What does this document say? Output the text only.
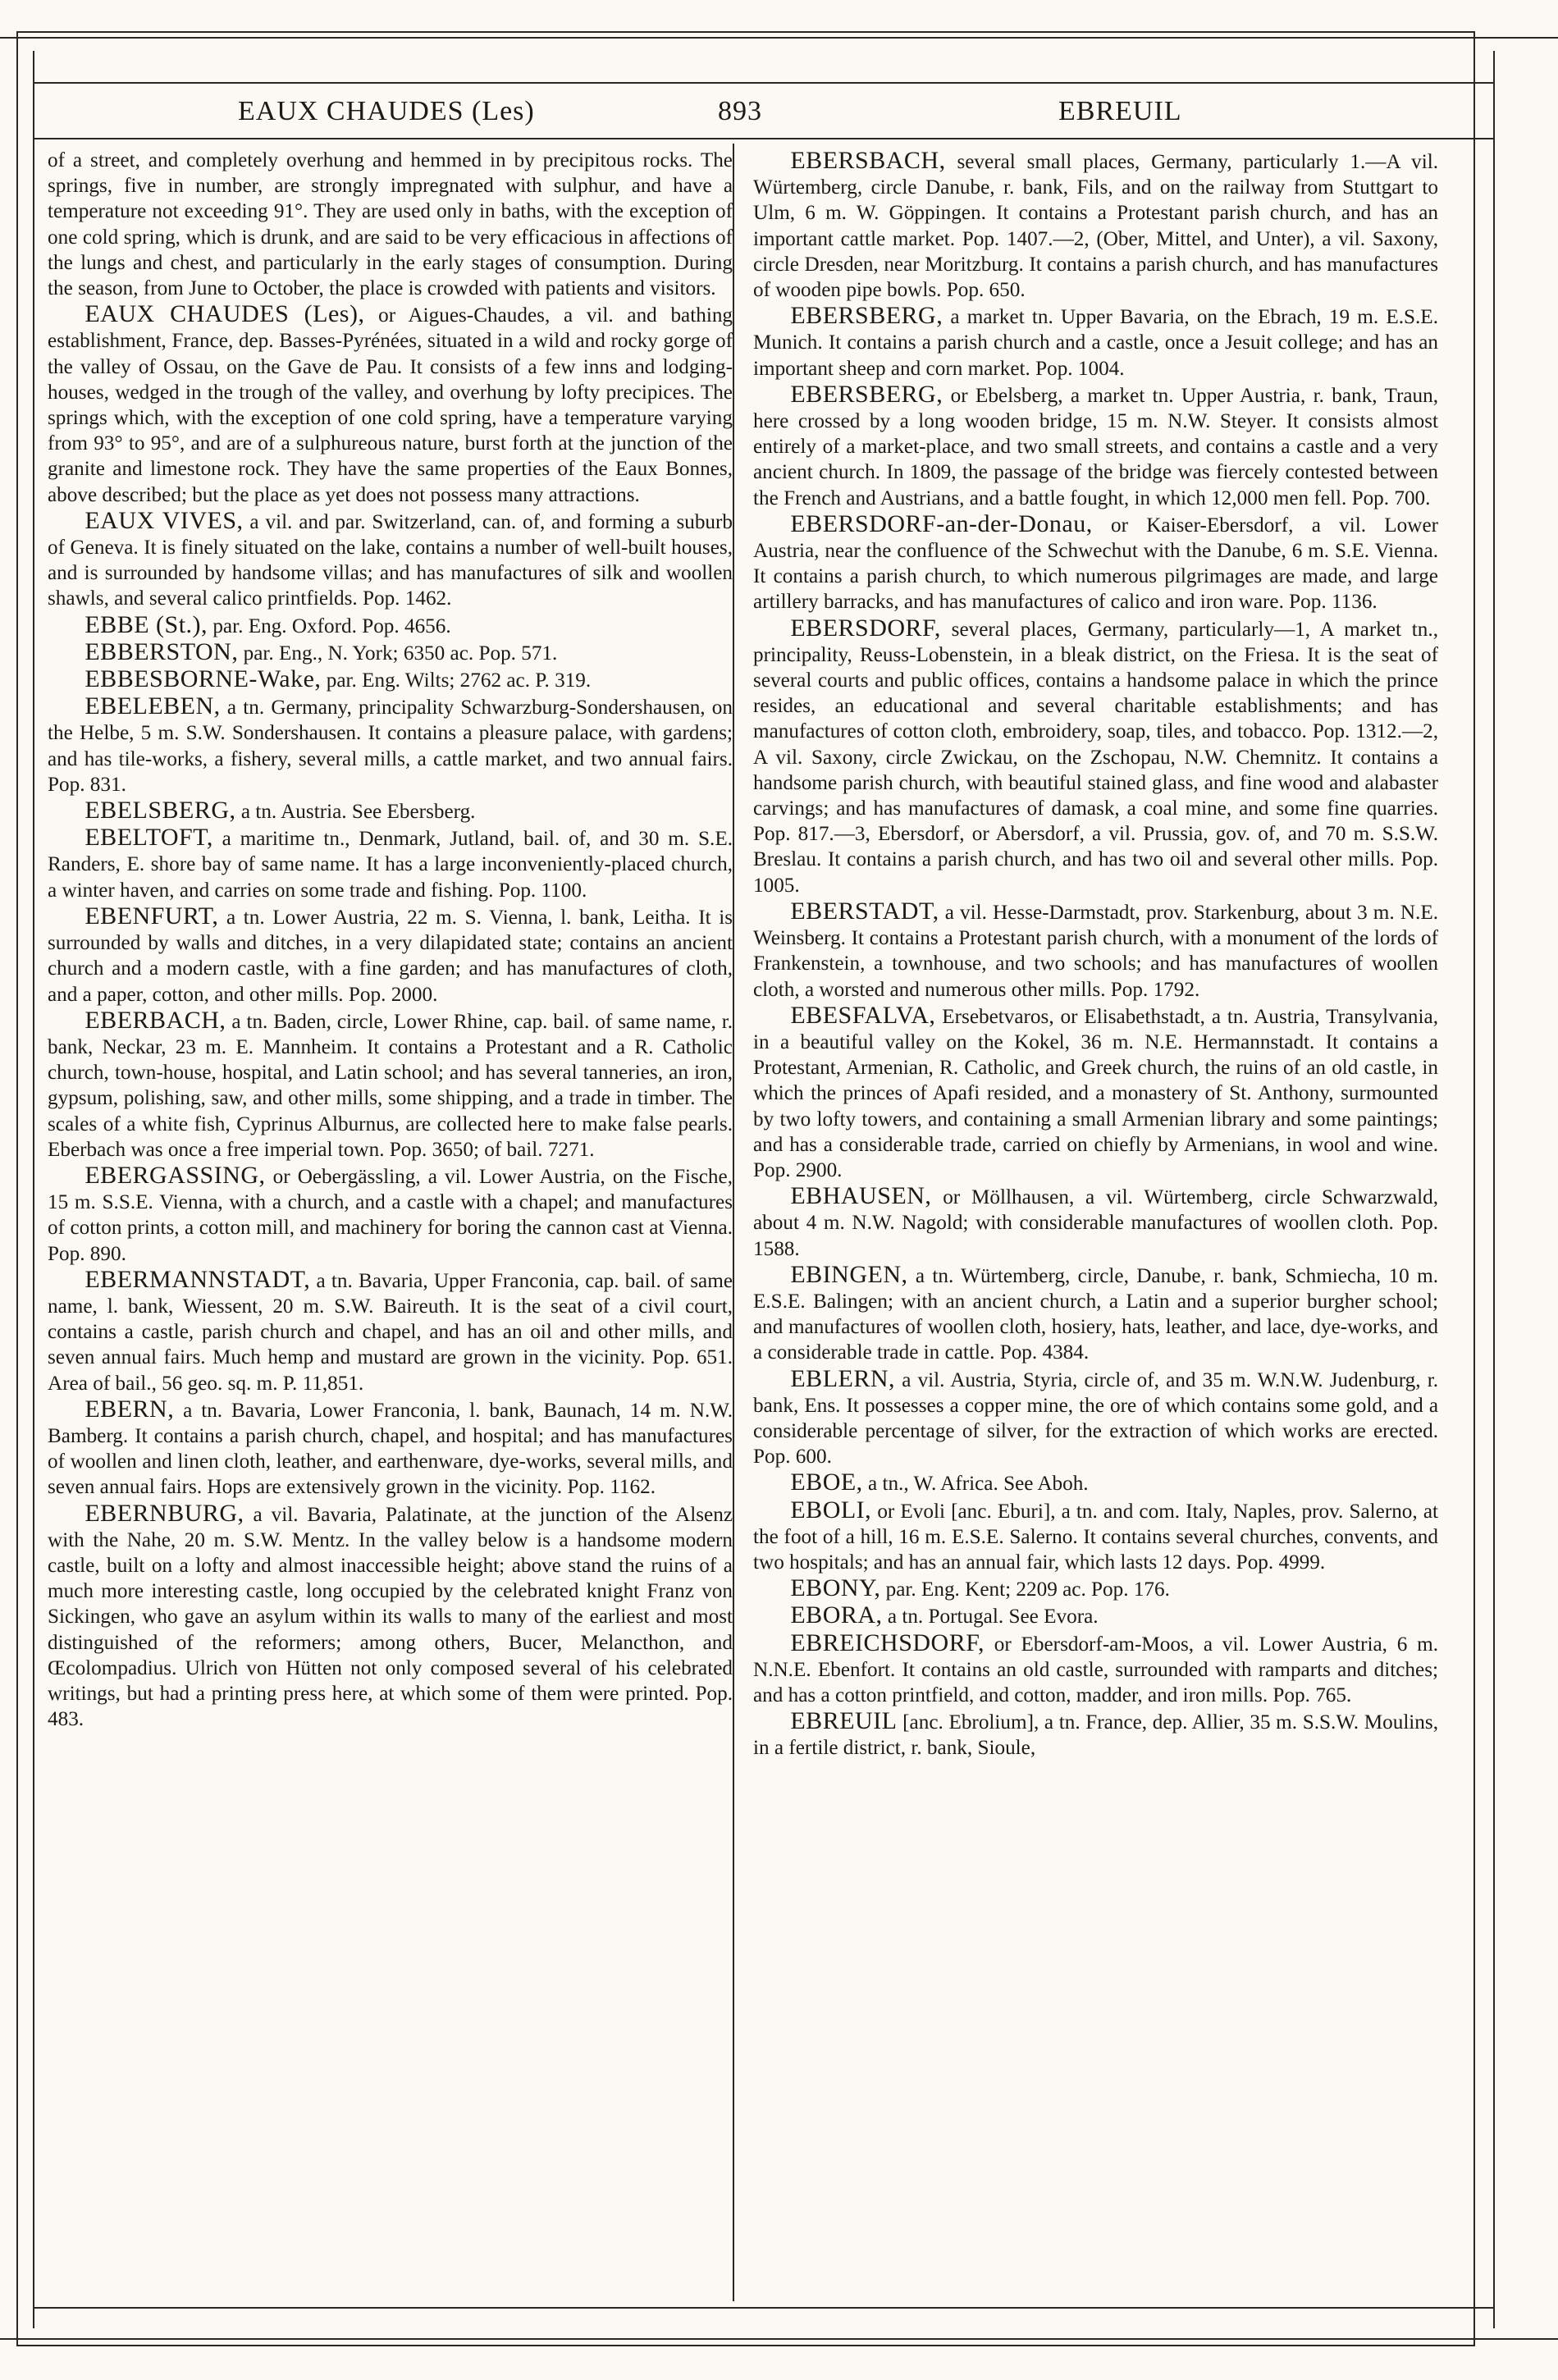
EAUX CHAUDES (Les)	893	EBREUIL

of a street, and completely overhung and hemmed in by precipitous rocks. The springs, five in number, are strongly impregnated with sulphur, and have a temperature not exceeding 91°. They are used only in baths, with the exception of one cold spring, which is drunk, and are said to be very efficacious in affections of the lungs and chest, and particularly in the early stages of consumption. During the season, from June to October, the place is crowded with patients and visitors.

EAUX CHAUDES (Les), or Aigues-Chaudes, a vil. and bathing establishment, France, dep. Basses-Pyrénées, situated in a wild and rocky gorge of the valley of Ossau, on the Gave de Pau. It consists of a few inns and lodging-houses, wedged in the trough of the valley, and overhung by lofty precipices. The springs which, with the exception of one cold spring, have a temperature varying from 93° to 95°, and are of a sulphureous nature, burst forth at the junction of the granite and limestone rock. They have the same properties of the Eaux Bonnes, above described; but the place as yet does not possess many attractions.

EAUX VIVES, a vil. and par. Switzerland, can. of, and forming a suburb of Geneva. It is finely situated on the lake, contains a number of well-built houses, and is surrounded by handsome villas; and has manufactures of silk and woollen shawls, and several calico printfields. Pop. 1462.

EBBE (St.), par. Eng. Oxford. Pop. 4656.

EBBERSTON, par. Eng., N. York; 6350 ac. Pop. 571.

EBBESBORNE-Wake, par. Eng. Wilts; 2762 ac. P. 319.

EBELEBEN, a tn. Germany, principality Schwarzburg-Sondershausen, on the Helbe, 5 m. S.W. Sondershausen. It contains a pleasure palace, with gardens; and has tile-works, a fishery, several mills, a cattle market, and two annual fairs. Pop. 831.

EBELSBERG, a tn. Austria. See Ebersberg.

EBELTOFT, a maritime tn., Denmark, Jutland, bail. of, and 30 m. S.E. Randers, E. shore bay of same name. It has a large inconveniently-placed church, a winter haven, and carries on some trade and fishing. Pop. 1100.

EBENFURT, a tn. Lower Austria, 22 m. S. Vienna, l. bank, Leitha. It is surrounded by walls and ditches, in a very dilapidated state; contains an ancient church and a modern castle, with a fine garden; and has manufactures of cloth, and a paper, cotton, and other mills. Pop. 2000.

EBERBACH, a tn. Baden, circle, Lower Rhine, cap. bail. of same name, r. bank, Neckar, 23 m. E. Mannheim. It contains a Protestant and a R. Catholic church, town-house, hospital, and Latin school; and has several tanneries, an iron, gypsum, polishing, saw, and other mills, some shipping, and a trade in timber. The scales of a white fish, Cyprinus Alburnus, are collected here to make false pearls. Eberbach was once a free imperial town. Pop. 3650; of bail. 7271.

EBERGASSING, or Oebergässling, a vil. Lower Austria, on the Fische, 15 m. S.S.E. Vienna, with a church, and a castle with a chapel; and manufactures of cotton prints, a cotton mill, and machinery for boring the cannon cast at Vienna. Pop. 890.

EBERMANNSTADT, a tn. Bavaria, Upper Franconia, cap. bail. of same name, l. bank, Wiessent, 20 m. S.W. Baireuth. It is the seat of a civil court, contains a castle, parish church and chapel, and has an oil and other mills, and seven annual fairs. Much hemp and mustard are grown in the vicinity. Pop. 651. Area of bail., 56 geo. sq. m. P. 11,851.

EBERN, a tn. Bavaria, Lower Franconia, l. bank, Baunach, 14 m. N.W. Bamberg. It contains a parish church, chapel, and hospital; and has manufactures of woollen and linen cloth, leather, and earthenware, dye-works, several mills, and seven annual fairs. Hops are extensively grown in the vicinity. Pop. 1162.

EBERNBURG, a vil. Bavaria, Palatinate, at the junction of the Alsenz with the Nahe, 20 m. S.W. Mentz. In the valley below is a handsome modern castle, built on a lofty and almost inaccessible height; above stand the ruins of a much more interesting castle, long occupied by the celebrated knight Franz von Sickingen, who gave an asylum within its walls to many of the earliest and most distinguished of the reformers; among others, Bucer, Melancthon, and Œcolompadius. Ulrich von Hütten not only composed several of his celebrated writings, but had a printing press here, at which some of them were printed. Pop. 483.

EBERSBACH, several small places, Germany, particularly 1.—A vil. Würtemberg, circle Danube, r. bank, Fils, and on the railway from Stuttgart to Ulm, 6 m. W. Göppingen. It contains a Protestant parish church, and has an important cattle market. Pop. 1407.—2, (Ober, Mittel, and Unter), a vil. Saxony, circle Dresden, near Moritzburg. It contains a parish church, and has manufactures of wooden pipe bowls. Pop. 650.

EBERSBERG, a market tn. Upper Bavaria, on the Ebrach, 19 m. E.S.E. Munich. It contains a parish church and a castle, once a Jesuit college; and has an important sheep and corn market. Pop. 1004.

EBERSBERG, or Ebelsberg, a market tn. Upper Austria, r. bank, Traun, here crossed by a long wooden bridge, 15 m. N.W. Steyer. It consists almost entirely of a market-place, and two small streets, and contains a castle and a very ancient church. In 1809, the passage of the bridge was fiercely contested between the French and Austrians, and a battle fought, in which 12,000 men fell. Pop. 700.

EBERSDORF-an-der-Donau, or Kaiser-Ebersdorf, a vil. Lower Austria, near the confluence of the Schwechut with the Danube, 6 m. S.E. Vienna. It contains a parish church, to which numerous pilgrimages are made, and large artillery barracks, and has manufactures of calico and iron ware. Pop. 1136.

EBERSDORF, several places, Germany, particularly—1, A market tn., principality, Reuss-Lobenstein, in a bleak district, on the Friesa. It is the seat of several courts and public offices, contains a handsome palace in which the prince resides, an educational and several charitable establishments; and has manufactures of cotton cloth, embroidery, soap, tiles, and tobacco. Pop. 1312.—2, A vil. Saxony, circle Zwickau, on the Zschopau, N.W. Chemnitz. It contains a handsome parish church, with beautiful stained glass, and fine wood and alabaster carvings; and has manufactures of damask, a coal mine, and some fine quarries. Pop. 817.—3, Ebersdorf, or Abersdorf, a vil. Prussia, gov. of, and 70 m. S.S.W. Breslau. It contains a parish church, and has two oil and several other mills. Pop. 1005.

EBERSTADT, a vil. Hesse-Darmstadt, prov. Starkenburg, about 3 m. N.E. Weinsberg. It contains a Protestant parish church, with a monument of the lords of Frankenstein, a townhouse, and two schools; and has manufactures of woollen cloth, a worsted and numerous other mills. Pop. 1792.

EBESFALVA, Ersebetvaros, or Elisabethstadt, a tn. Austria, Transylvania, in a beautiful valley on the Kokel, 36 m. N.E. Hermannstadt. It contains a Protestant, Armenian, R. Catholic, and Greek church, the ruins of an old castle, in which the princes of Apafi resided, and a monastery of St. Anthony, surmounted by two lofty towers, and containing a small Armenian library and some paintings; and has a considerable trade, carried on chiefly by Armenians, in wool and wine. Pop. 2900.

EBHAUSEN, or Möllhausen, a vil. Würtemberg, circle Schwarzwald, about 4 m. N.W. Nagold; with considerable manufactures of woollen cloth. Pop. 1588.

EBINGEN, a tn. Würtemberg, circle, Danube, r. bank, Schmiecha, 10 m. E.S.E. Balingen; with an ancient church, a Latin and a superior burgher school; and manufactures of woollen cloth, hosiery, hats, leather, and lace, dye-works, and a considerable trade in cattle. Pop. 4384.

EBLERN, a vil. Austria, Styria, circle of, and 35 m. W.N.W. Judenburg, r. bank, Ens. It possesses a copper mine, the ore of which contains some gold, and a considerable percentage of silver, for the extraction of which works are erected. Pop. 600.

EBOE, a tn., W. Africa. See Aboh.

EBOLI, or Evoli [anc. Eburi], a tn. and com. Italy, Naples, prov. Salerno, at the foot of a hill, 16 m. E.S.E. Salerno. It contains several churches, convents, and two hospitals; and has an annual fair, which lasts 12 days. Pop. 4999.

EBONY, par. Eng. Kent; 2209 ac. Pop. 176.

EBORA, a tn. Portugal. See Evora.

EBREICHSDORF, or Ebersdorf-am-Moos, a vil. Lower Austria, 6 m. N.N.E. Ebenfort. It contains an old castle, surrounded with ramparts and ditches; and has a cotton printfield, and cotton, madder, and iron mills. Pop. 765.

EBREUIL [anc. Ebrolium], a tn. France, dep. Allier, 35 m. S.S.W. Moulins, in a fertile district, r. bank, Sioule,
